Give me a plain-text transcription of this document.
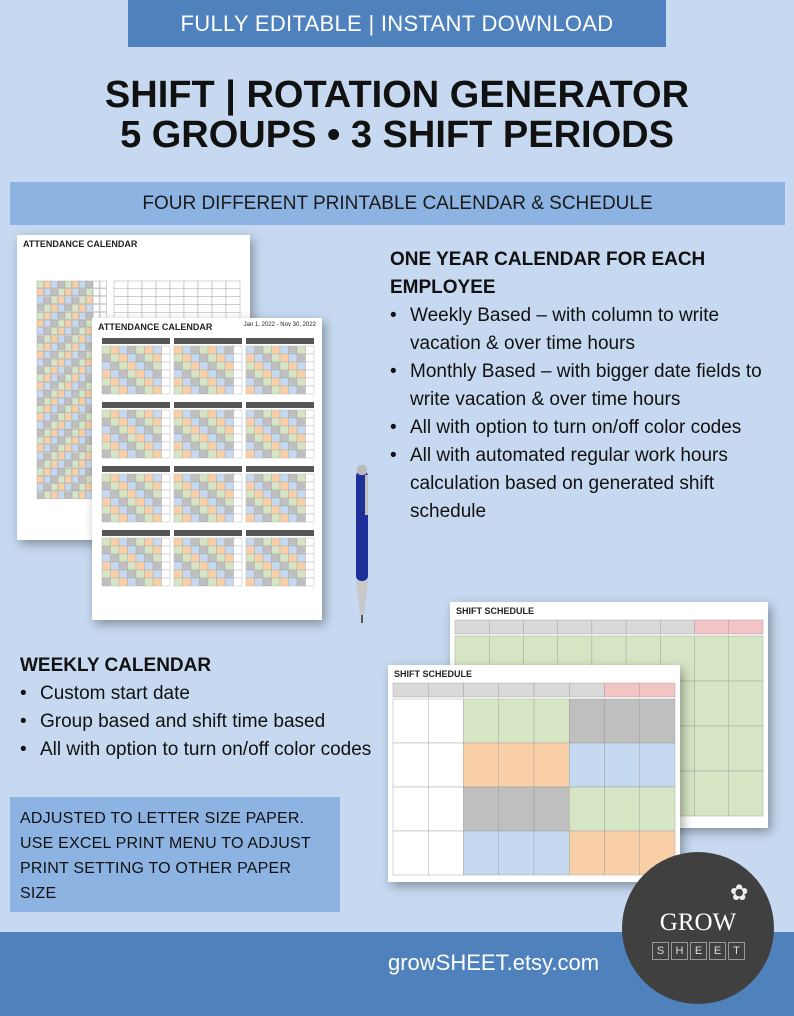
FULLY EDITABLE | INSTANT DOWNLOAD
SHIFT | ROTATION GENERATOR
5 GROUPS • 3 SHIFT PERIODS
FOUR DIFFERENT PRINTABLE CALENDAR & SCHEDULE
ATTENDANCE CALENDAR
ATTENDANCE CALENDAR	Jan 1, 2022 - Nov 30, 2022
ONE YEAR CALENDAR FOR EACH EMPLOYEE
• Weekly Based – with column to write vacation & over time hours
• Monthly Based – with bigger date fields to write vacation & over time hours
• All with option to turn on/off color codes
• All with automated regular work hours calculation based on generated shift schedule
SHIFT SCHEDULE
WEEKLY CALENDAR
• Custom start date
• Group based and shift time based
• All with option to turn on/off color codes
SHIFT SCHEDULE
ADJUSTED TO LETTER SIZE PAPER. USE EXCEL PRINT MENU TO ADJUST PRINT SETTING TO OTHER PAPER SIZE
growSHEET.etsy.com
✿
GROW
S	H	E	E	T
